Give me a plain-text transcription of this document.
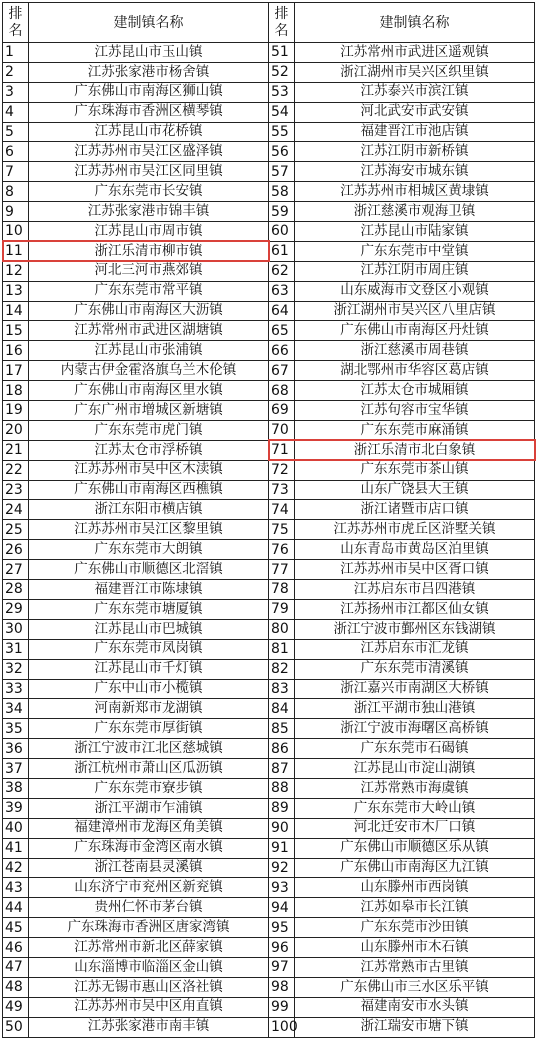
排名	建制镇名称	排名	建制镇名称
1	江苏昆山市玉山镇	51	江苏常州市武进区遥观镇
2	江苏张家港市杨舍镇	52	浙江湖州市吴兴区织里镇
3	广东佛山市南海区狮山镇	53	江苏泰兴市滨江镇
4	广东珠海市香洲区横琴镇	54	河北武安市武安镇
5	江苏昆山市花桥镇	55	福建晋江市池店镇
6	江苏苏州市吴江区盛泽镇	56	江苏江阴市新桥镇
7	江苏苏州市吴江区同里镇	57	江苏海安市城东镇
8	广东东莞市长安镇	58	江苏苏州市相城区黄埭镇
9	江苏张家港市锦丰镇	59	浙江慈溪市观海卫镇
10	江苏昆山市周市镇	60	江苏昆山市陆家镇
11	浙江乐清市柳市镇	61	广东东莞市中堂镇
12	河北三河市燕郊镇	62	江苏江阴市周庄镇
13	广东东莞市常平镇	63	山东威海市文登区小观镇
14	广东佛山市南海区大沥镇	64	浙江湖州市吴兴区八里店镇
15	江苏常州市武进区湖塘镇	65	广东佛山市南海区丹灶镇
16	江苏昆山市张浦镇	66	浙江慈溪市周巷镇
17	内蒙古伊金霍洛旗乌兰木伦镇	67	湖北鄂州市华容区葛店镇
18	广东佛山市南海区里水镇	68	江苏太仓市城厢镇
19	广东广州市增城区新塘镇	69	江苏句容市宝华镇
20	广东东莞市虎门镇	70	广东东莞市麻涌镇
21	江苏太仓市浮桥镇	71	浙江乐清市北白象镇
22	江苏苏州市吴中区木渎镇	72	广东东莞市茶山镇
23	广东佛山市南海区西樵镇	73	山东广饶县大王镇
24	浙江东阳市横店镇	74	浙江诸暨市店口镇
25	江苏苏州市吴江区黎里镇	75	江苏苏州市虎丘区浒墅关镇
26	广东东莞市大朗镇	76	山东青岛市黄岛区泊里镇
27	广东佛山市顺德区北滘镇	77	江苏苏州市吴中区胥口镇
28	福建晋江市陈埭镇	78	江苏启东市吕四港镇
29	广东东莞市塘厦镇	79	江苏扬州市江都区仙女镇
30	江苏昆山市巴城镇	80	浙江宁波市鄞州区东钱湖镇
31	广东东莞市凤岗镇	81	江苏启东市汇龙镇
32	江苏昆山市千灯镇	82	广东东莞市清溪镇
33	广东中山市小榄镇	83	浙江嘉兴市南湖区大桥镇
34	河南新郑市龙湖镇	84	浙江平湖市独山港镇
35	广东东莞市厚街镇	85	浙江宁波市海曙区高桥镇
36	浙江宁波市江北区慈城镇	86	广东东莞市石碣镇
37	浙江杭州市萧山区瓜沥镇	87	江苏昆山市淀山湖镇
38	广东东莞市寮步镇	88	江苏常熟市海虞镇
39	浙江平湖市乍浦镇	89	广东东莞市大岭山镇
40	福建漳州市龙海区角美镇	90	河北迁安市木厂口镇
41	广东珠海市金湾区南水镇	91	广东佛山市顺德区乐从镇
42	浙江苍南县灵溪镇	92	广东佛山市南海区九江镇
43	山东济宁市兖州区新兖镇	93	山东滕州市西岗镇
44	贵州仁怀市茅台镇	94	江苏如皋市长江镇
45	广东珠海市香洲区唐家湾镇	95	广东东莞市沙田镇
46	江苏常州市新北区薛家镇	96	山东滕州市木石镇
47	山东淄博市临淄区金山镇	97	江苏常熟市古里镇
48	江苏无锡市惠山区洛社镇	98	广东佛山市三水区乐平镇
49	江苏苏州市吴中区甪直镇	99	福建南安市水头镇
50	江苏张家港市南丰镇	100	浙江瑞安市塘下镇
